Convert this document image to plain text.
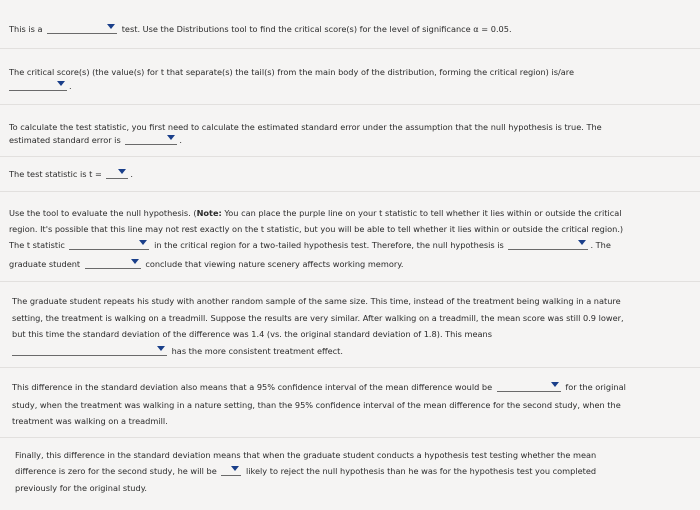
This is a	test. Use the Distributions tool to find the critical score(s) for the level of significance α = 0.05.
The critical score(s) (the value(s) for t that separate(s) the tail(s) from the main body of the distribution, forming the critical region) is/are
.
To calculate the test statistic, you first need to calculate the estimated standard error under the assumption that the null hypothesis is true. The
estimated standard error is	.
The test statistic is t =	.
Use the tool to evaluate the null hypothesis. (Note: You can place the purple line on your t statistic to tell whether it lies within or outside the critical
region. It's possible that this line may not rest exactly on the t statistic, but you will be able to tell whether it lies within or outside the critical region.)
The t statistic	in the critical region for a two-tailed hypothesis test. Therefore, the null hypothesis is	. The
graduate student	conclude that viewing nature scenery affects working memory.
The graduate student repeats his study with another random sample of the same size. This time, instead of the treatment being walking in a nature
setting, the treatment is walking on a treadmill. Suppose the results are very similar. After walking on a treadmill, the mean score was still 0.9 lower,
but this time the standard deviation of the difference was 1.4 (vs. the original standard deviation of 1.8). This means
has the more consistent treatment effect.
This difference in the standard deviation also means that a 95% confidence interval of the mean difference would be	for the original
study, when the treatment was walking in a nature setting, than the 95% confidence interval of the mean difference for the second study, when the
treatment was walking on a treadmill.
Finally, this difference in the standard deviation means that when the graduate student conducts a hypothesis test testing whether the mean
difference is zero for the second study, he will be	likely to reject the null hypothesis than he was for the hypothesis test you completed
previously for the original study.
